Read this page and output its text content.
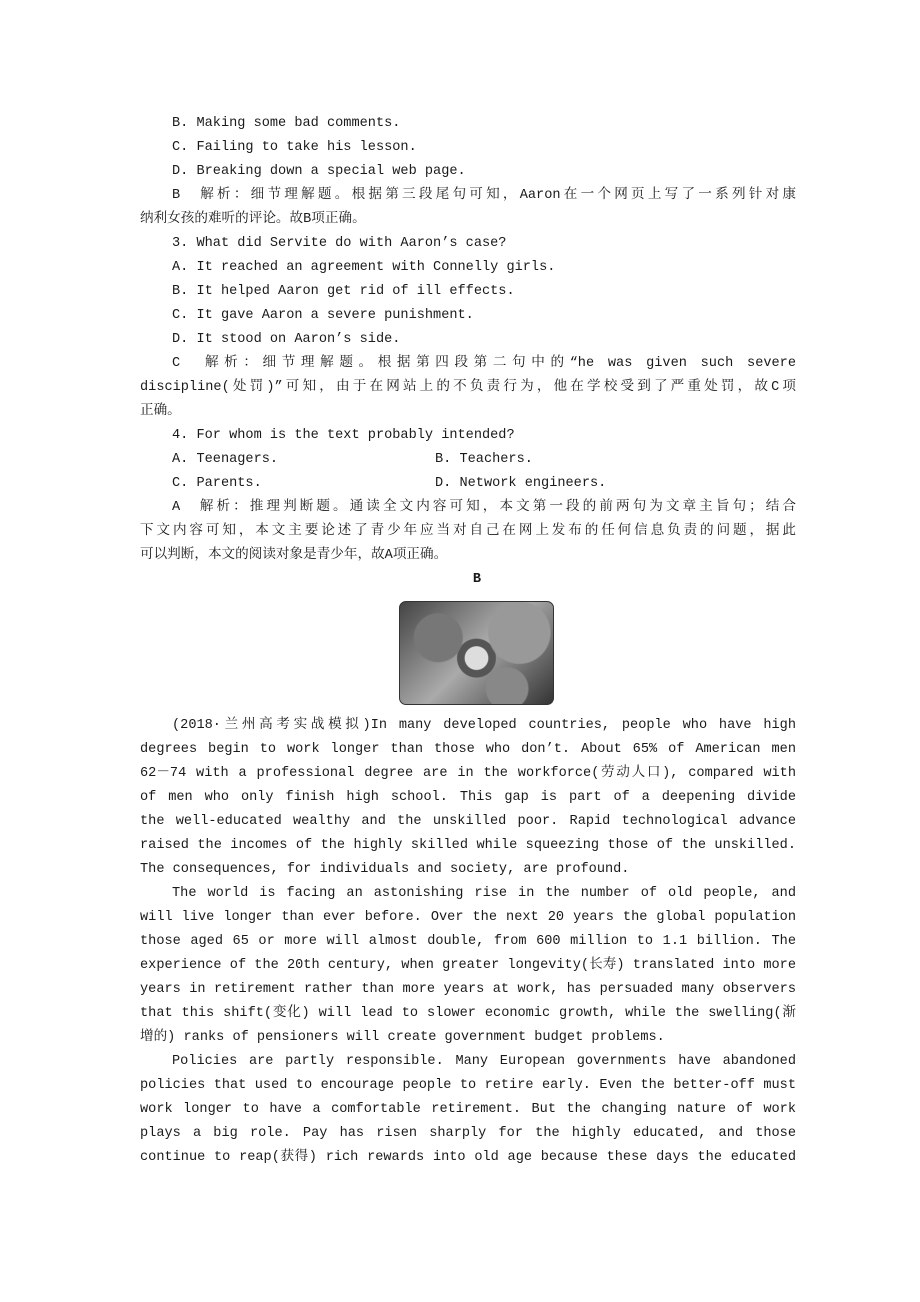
B. Making some bad comments.
C. Failing to take his lesson.
D. Breaking down a special web page.
B　解析：细节理解题。根据第三段尾句可知，Aaron在一个网页上写了一系列针对康
纳利女孩的难听的评论。故B项正确。
3. What did Servite do with Aaron’s case?
A. It reached an agreement with Connelly girls.
B. It helped Aaron get rid of ill effects.
C. It gave Aaron a severe punishment.
D. It stood on Aaron’s side.
C　解析：细节理解题。根据第四段第二句中的“he was given such severe
discipline(处罚)”可知，由于在网站上的不负责行为，他在学校受到了严重处罚，故C项
正确。
4. For whom is the text probably intended?
A. Teenagers.	B. Teachers.
C. Parents.	D. Network engineers.
A　解析：推理判断题。通读全文内容可知，本文第一段的前两句为文章主旨句；结合
下文内容可知，本文主要论述了青少年应当对自己在网上发布的任何信息负责的问题，据此
可以判断，本文的阅读对象是青少年，故A项正确。
B
(2018·兰州高考实战模拟)In many developed countries, people who have high
degrees begin to work longer than those who don’t. About 65% of American men
62－74 with a professional degree are in the workforce(劳动人口), compared with
of men who only finish high school. This gap is part of a deepening divide
the well-educated wealthy and the unskilled poor. Rapid technological advance
raised the incomes of the highly skilled while squeezing those of the unskilled.
The consequences, for individuals and society, are profound.
The world is facing an astonishing rise in the number of old people, and
will live longer than ever before. Over the next 20 years the global population
those aged 65 or more will almost double, from 600 million to 1.1 billion. The
experience of the 20th century, when greater longevity(长寿) translated into more
years in retirement rather than more years at work, has persuaded many observers
that this shift(变化) will lead to slower economic growth, while the swelling(渐
增的) ranks of pensioners will create government budget problems.
Policies are partly responsible. Many European governments have abandoned
policies that used to encourage people to retire early. Even the better-off must
work longer to have a comfortable retirement. But the changing nature of work
plays a big role. Pay has risen sharply for the highly educated, and those
continue to reap(获得) rich rewards into old age because these days the educated
